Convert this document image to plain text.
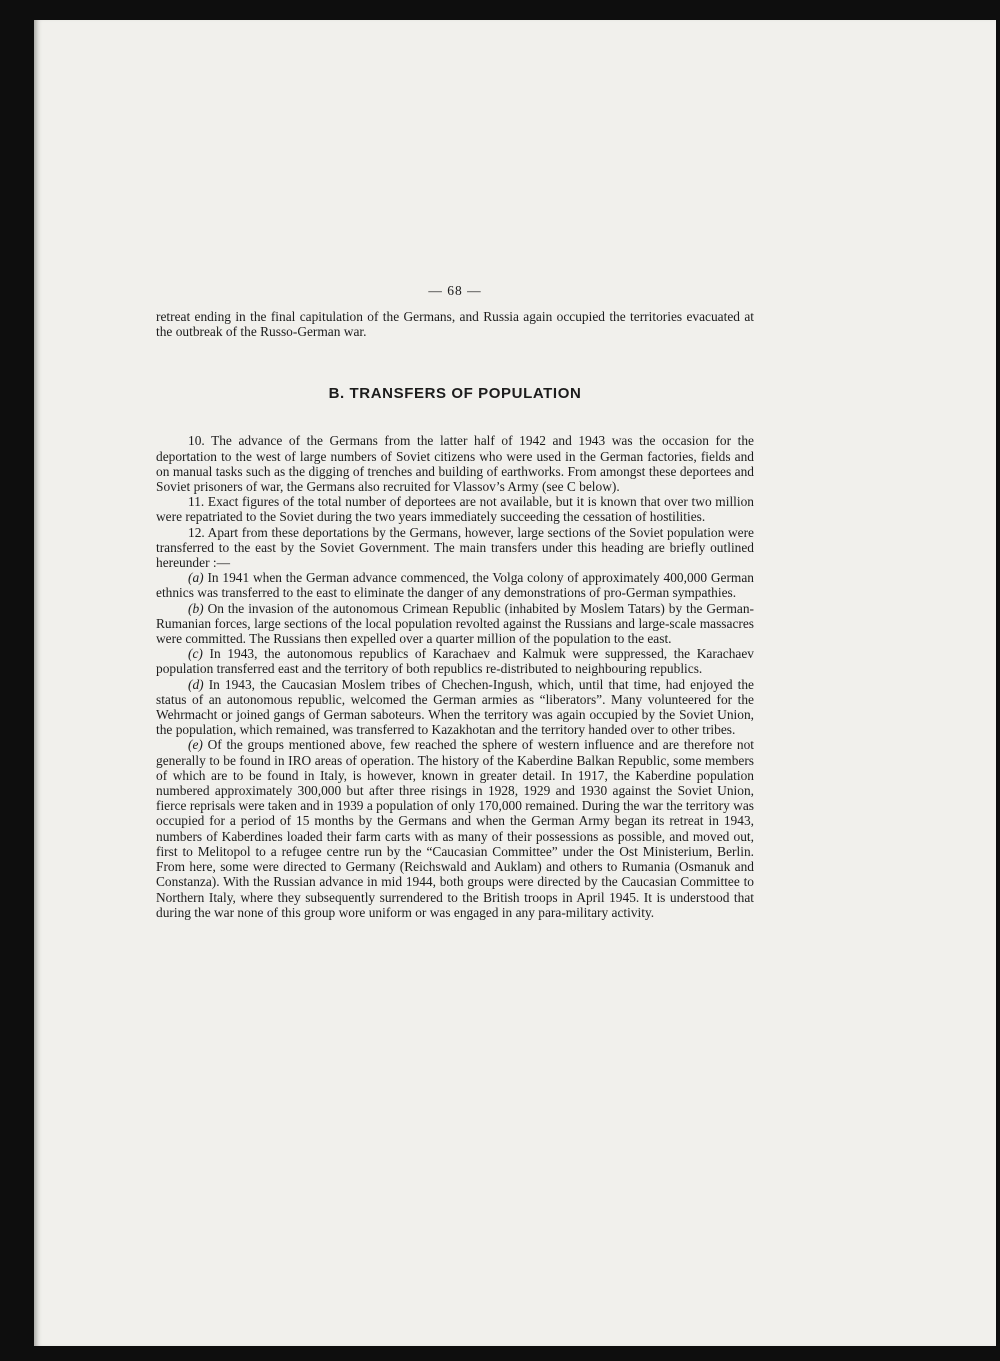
— 68 —

retreat ending in the final capitulation of the Germans, and Russia again occupied the territories evacuated at the outbreak of the Russo-German war.

B. TRANSFERS OF POPULATION

10. The advance of the Germans from the latter half of 1942 and 1943 was the occasion for the deportation to the west of large numbers of Soviet citizens who were used in the German factories, fields and on manual tasks such as the digging of trenches and building of earthworks. From amongst these deportees and Soviet prisoners of war, the Germans also recruited for Vlassov’s Army (see C below).

11. Exact figures of the total number of deportees are not available, but it is known that over two million were repatriated to the Soviet during the two years immediately succeeding the cessation of hostilities.

12. Apart from these deportations by the Germans, however, large sections of the Soviet population were transferred to the east by the Soviet Government. The main transfers under this heading are briefly outlined hereunder :—

(a) In 1941 when the German advance commenced, the Volga colony of approximately 400,000 German ethnics was transferred to the east to eliminate the danger of any demonstrations of pro-German sympathies.

(b) On the invasion of the autonomous Crimean Republic (inhabited by Moslem Tatars) by the German-Rumanian forces, large sections of the local population revolted against the Russians and large-scale massacres were committed. The Russians then expelled over a quarter million of the population to the east.

(c) In 1943, the autonomous republics of Karachaev and Kalmuk were suppressed, the Karachaev population transferred east and the territory of both republics re-distributed to neighbouring republics.

(d) In 1943, the Caucasian Moslem tribes of Chechen-Ingush, which, until that time, had enjoyed the status of an autonomous republic, welcomed the German armies as “liberators”. Many volunteered for the Wehrmacht or joined gangs of German saboteurs. When the territory was again occupied by the Soviet Union, the population, which remained, was transferred to Kazakhotan and the territory handed over to other tribes.

(e) Of the groups mentioned above, few reached the sphere of western influence and are therefore not generally to be found in IRO areas of operation. The history of the Kaberdine Balkan Republic, some members of which are to be found in Italy, is however, known in greater detail. In 1917, the Kaberdine population numbered approximately 300,000 but after three risings in 1928, 1929 and 1930 against the Soviet Union, fierce reprisals were taken and in 1939 a population of only 170,000 remained. During the war the territory was occupied for a period of 15 months by the Germans and when the German Army began its retreat in 1943, numbers of Kaberdines loaded their farm carts with as many of their possessions as possible, and moved out, first to Melitopol to a refugee centre run by the “Caucasian Committee” under the Ost Ministerium, Berlin. From here, some were directed to Germany (Reichswald and Auklam) and others to Rumania (Osmanuk and Constanza). With the Russian advance in mid 1944, both groups were directed by the Caucasian Committee to Northern Italy, where they subsequently surrendered to the British troops in April 1945. It is understood that during the war none of this group wore uniform or was engaged in any para-military activity.
